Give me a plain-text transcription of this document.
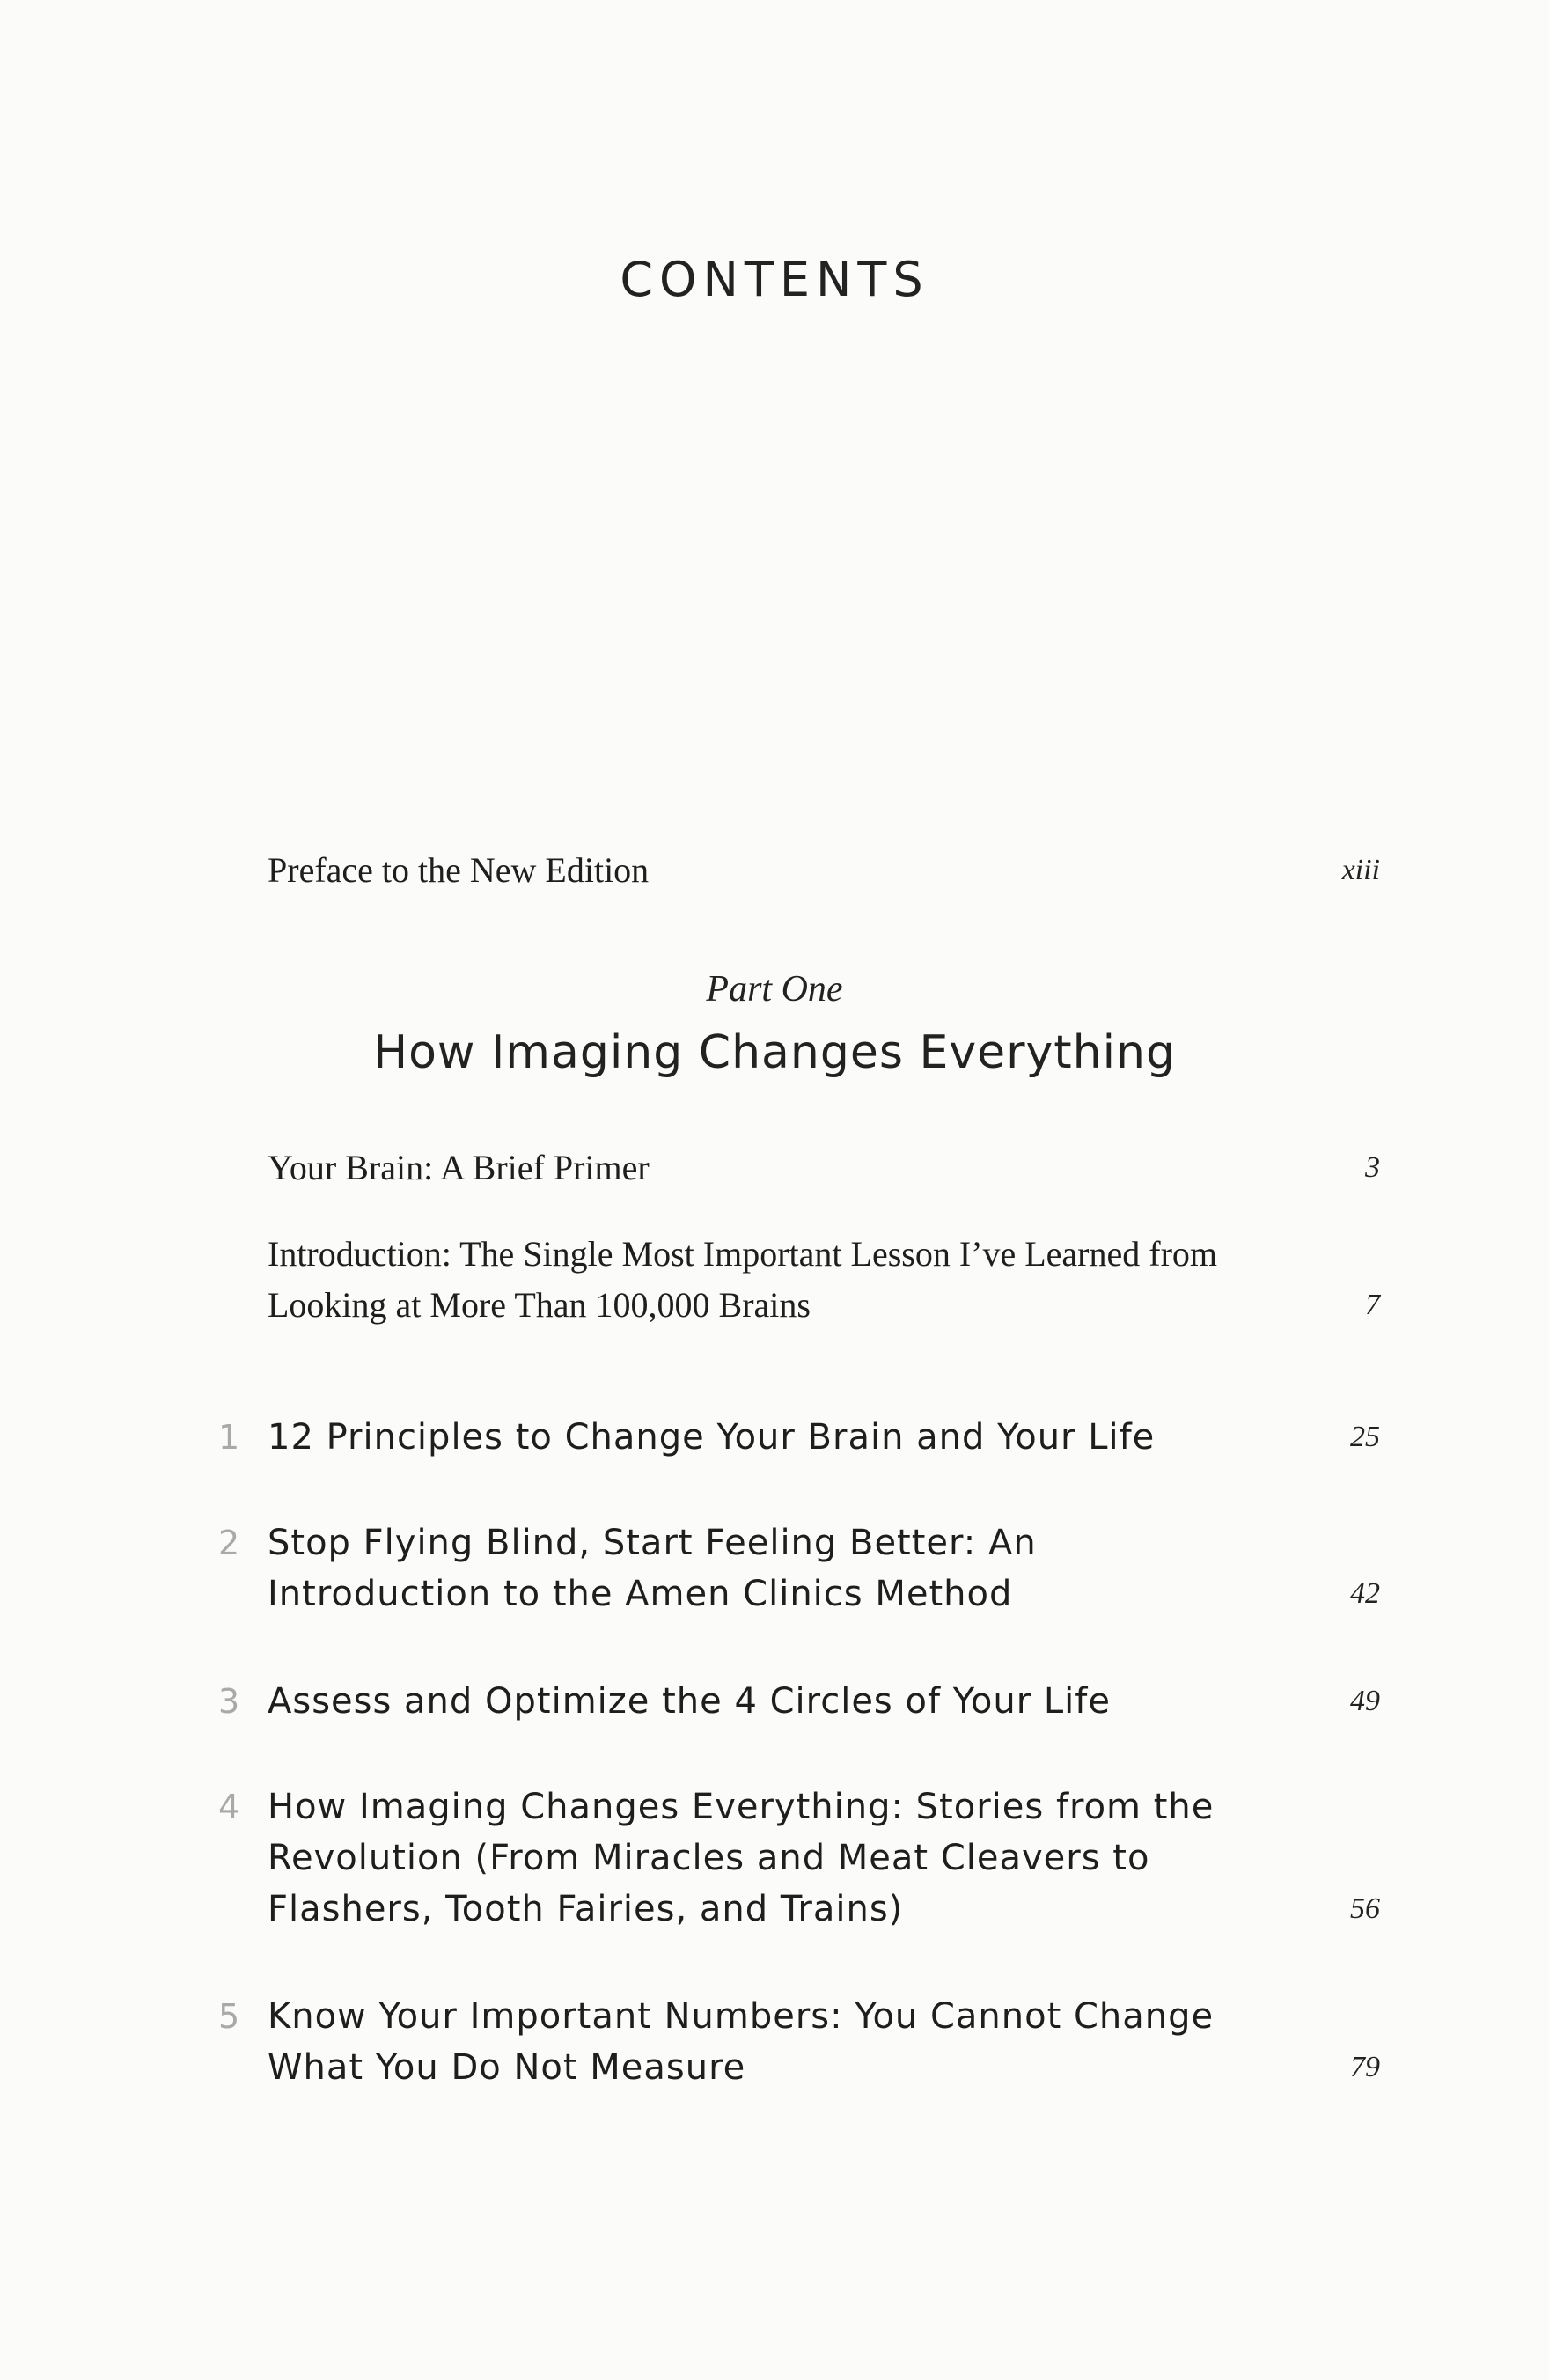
CONTENTS
Preface to the New Edition	xiii
Part One
How Imaging Changes Everything
Your Brain: A Brief Primer	3
Introduction: The Single Most Important Lesson I’ve Learned from Looking at More Than 100,000 Brains	7
1 12 Principles to Change Your Brain and Your Life	25
2 Stop Flying Blind, Start Feeling Better: An Introduction to the Amen Clinics Method	42
3 Assess and Optimize the 4 Circles of Your Life	49
4 How Imaging Changes Everything: Stories from the Revolution (From Miracles and Meat Cleavers to Flashers, Tooth Fairies, and Trains)	56
5 Know Your Important Numbers: You Cannot Change What You Do Not Measure	79
